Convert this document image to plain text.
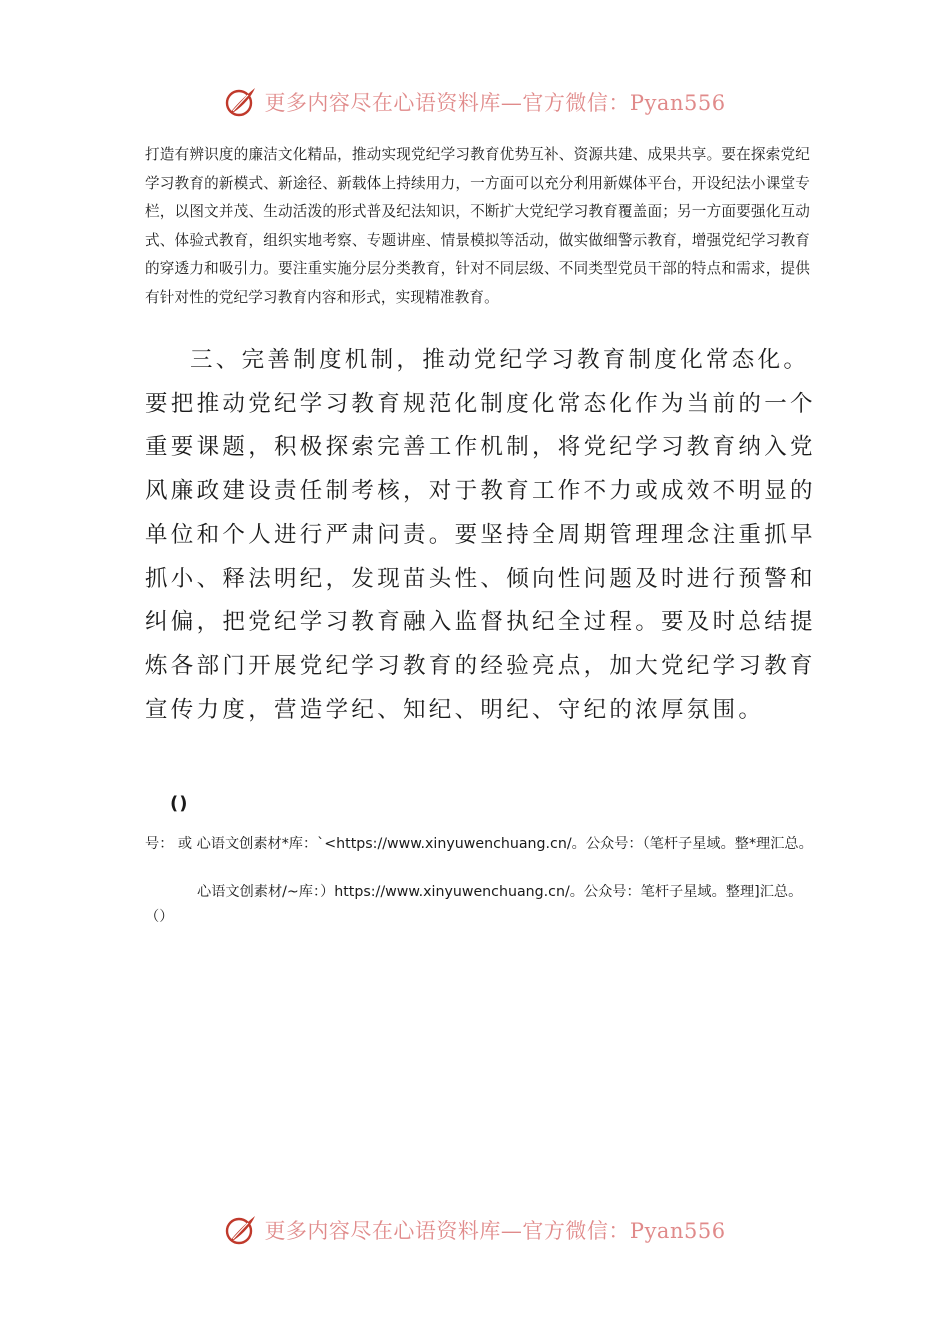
更多内容尽在心语资料库—官方微信：Pyan556

打造有辨识度的廉洁文化精品，推动实现党纪学习教育优势互补、资源共建、成果共享。要在探索党纪学习教育的新模式、新途径、新载体上持续用力，一方面可以充分利用新媒体平台，开设纪法小课堂专栏，以图文并茂、生动活泼的形式普及纪法知识，不断扩大党纪学习教育覆盖面；另一方面要强化互动式、体验式教育，组织实地考察、专题讲座、情景模拟等活动，做实做细警示教育，增强党纪学习教育的穿透力和吸引力。要注重实施分层分类教育，针对不同层级、不同类型党员干部的特点和需求，提供有针对性的党纪学习教育内容和形式，实现精准教育。

三、完善制度机制，推动党纪学习教育制度化常态化。要把推动党纪学习教育规范化制度化常态化作为当前的一个重要课题，积极探索完善工作机制，将党纪学习教育纳入党风廉政建设责任制考核，对于教育工作不力或成效不明显的单位和个人进行严肃问责。要坚持全周期管理理念注重抓早抓小、释法明纪，发现苗头性、倾向性问题及时进行预警和纠偏，把党纪学习教育融入监督执纪全过程。要及时总结提炼各部门开展党纪学习教育的经验亮点，加大党纪学习教育宣传力度，营造学纪、知纪、明纪、守纪的浓厚氛围。

()

号： 或 心语文创素材*库：`<https://www.xinyuwenchuang.cn/。公众号：（笔杆子星域。整*理汇总。

心语文创素材/~库：）https://www.xinyuwenchuang.cn/。公众号：笔杆子星域。整理]汇总。（）

更多内容尽在心语资料库—官方微信：Pyan556
